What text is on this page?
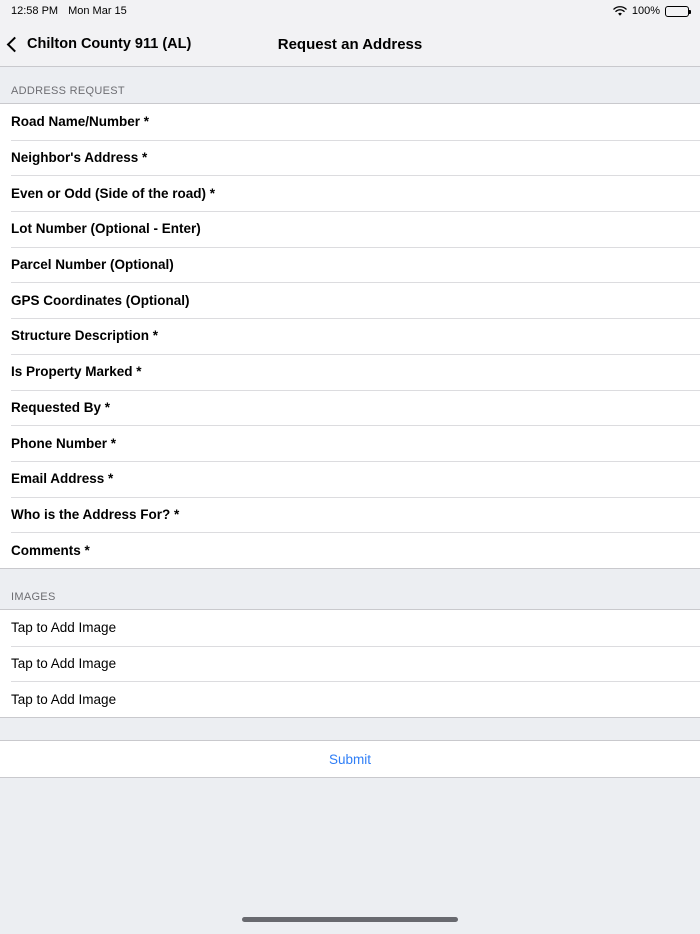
12:58 PM Mon Mar 15	100%
Chilton County 911 (AL)	Request an Address
ADDRESS REQUEST
Road Name/Number *
Neighbor's Address *
Even or Odd (Side of the road) *
Lot Number (Optional - Enter)
Parcel Number (Optional)
GPS Coordinates (Optional)
Structure Description *
Is Property Marked *
Requested By *
Phone Number *
Email Address *
Who is the Address For? *
Comments *
IMAGES
Tap to Add Image
Tap to Add Image
Tap to Add Image
Submit
